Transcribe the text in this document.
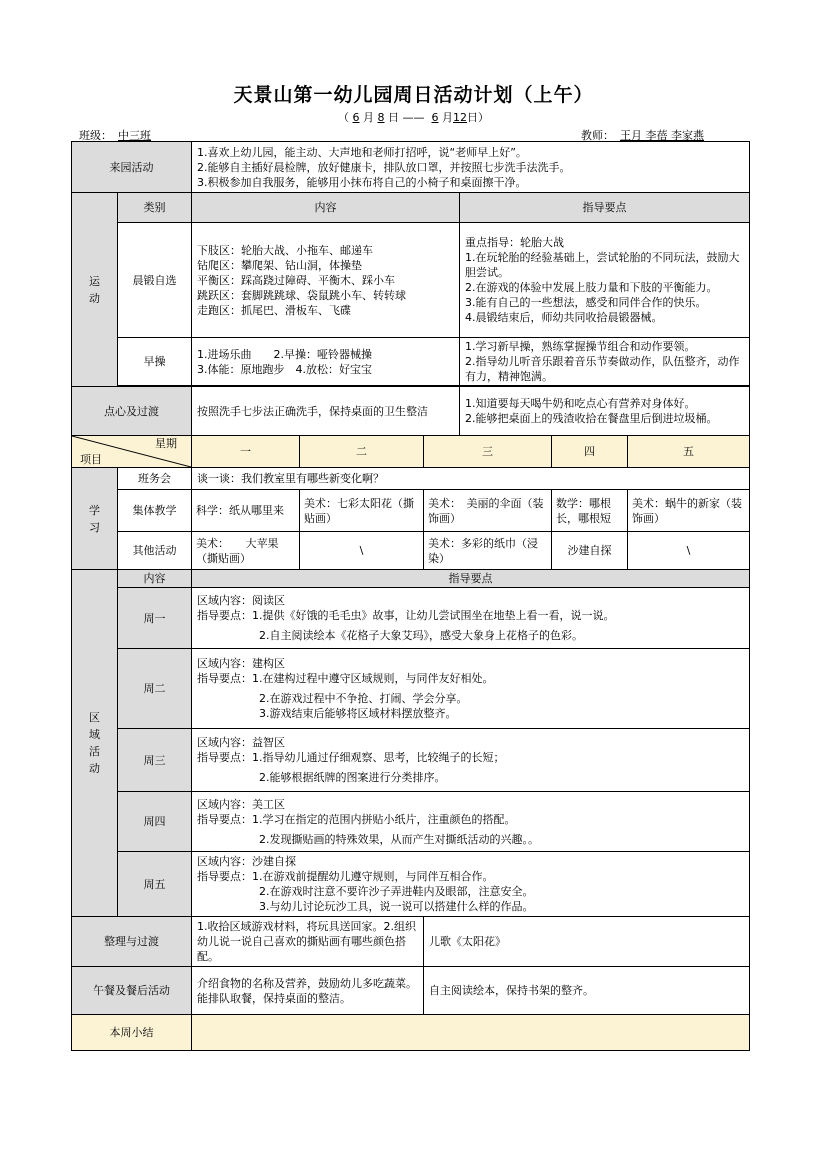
天景山第一幼儿园周日活动计划（上午）
（ 6 月 8 日 —— 6 月12日）
班级： 中三班	教师： 王月 李蓓 李家燕
来园活动		1.喜欢上幼儿园，能主动、大声地和老师打招呼，说“老师早上好”。
2.能够自主插好晨检牌，放好健康卡，排队放口罩，并按照七步洗手法洗手。
3.积极参加自我服务，能够用小抹布将自己的小椅子和桌面擦干净。					

运
动	类别	内容			指导要点		
	晨锻自选	下肢区：轮胎大战、小拖车、邮递车
钻爬区：攀爬架、钻山洞，体操垫
平衡区：踩高跷过障碍、平衡木、踩小车
跳跃区：套脚跳跳球、袋鼠跳小车、转转球
走跑区：抓尾巴、滑板车、飞碟			重点指导：轮胎大战
1.在玩轮胎的经验基础上，尝试轮胎的不同玩法，鼓励大胆尝试。
2.在游戏的体验中发展上肢力量和下肢的平衡能力。
3.能有自己的一些想法，感受和同伴合作的快乐。
4.晨锻结束后，师幼共同收拾晨锻器械。		

	早操	1.进场乐曲　　2.早操：哑铃器械操
3.体能：原地跑步　4.放松：好宝宝			1.学习新早操，熟练掌握操节组合和动作要领。
2.指导幼儿听音乐跟着音乐节奏做动作，队伍整齐，动作有力，精神饱满。		

点心及过渡		按照洗手七步法正确洗手，保持桌面的卫生整洁			1.知道要每天喝牛奶和吃点心有营养对身体好。
2.能够把桌面上的残渣收拾在餐盘里后倒进垃圾桶。		

星期
项目		一	二	三		四	五
学
习	班务会	谈一谈：我们教室里有哪些新变化啊？					
	集体教学	科学：纸从哪里来	美术：七彩太阳花（撕贴画）	美术：　美丽的伞面（装饰画）		数学：哪根长，哪根短	美术：蜗牛的新家（装饰画）
	其他活动	美术：　　大苹果（撕贴画）	\	美术：多彩的纸巾（浸染）		沙建自探	\
区
域
活
动	内容	指导要点					
	周一	区域内容：阅读区
指导要点：1.提供《好饿的毛毛虫》故事，让幼儿尝试围坐在地垫上看一看，说一说。
2.自主阅读绘本《花格子大象艾玛》，感受大象身上花格子的色彩。					

	周二	区域内容：建构区
指导要点：1.在建构过程中遵守区域规则，与同伴友好相处。
2.在游戏过程中不争抢、打闹、学会分享。
3.游戏结束后能够将区域材料摆放整齐。					

	周三	区域内容：益智区
指导要点：1.指导幼儿通过仔细观察、思考，比较绳子的长短；
2.能够根据纸牌的图案进行分类排序。					

	周四	区域内容：美工区
指导要点：1.学习在指定的范围内拼贴小纸片，注重颜色的搭配。
2.发现撕贴画的特殊效果，从而产生对撕纸活动的兴趣。。					

	周五	区域内容：沙建自探
指导要点：1.在游戏前提醒幼儿遵守规则，与同伴互相合作。
2.在游戏时注意不要许沙子弄进鞋内及眼部，注意安全。
3.与幼儿讨论玩沙工具，说一说可以搭建什么样的作品。					

整理与过渡		1.收拾区域游戏材料，将玩具送回家。2.组织幼儿说一说自己喜欢的撕贴画有哪些颜色搭配。		儿歌《太阳花》			
午餐及餐后活动		介绍食物的名称及营养，鼓励幼儿多吃蔬菜。
能排队取餐，保持桌面的整洁。		自主阅读绘本，保持书架的整齐。			
本周小结							
